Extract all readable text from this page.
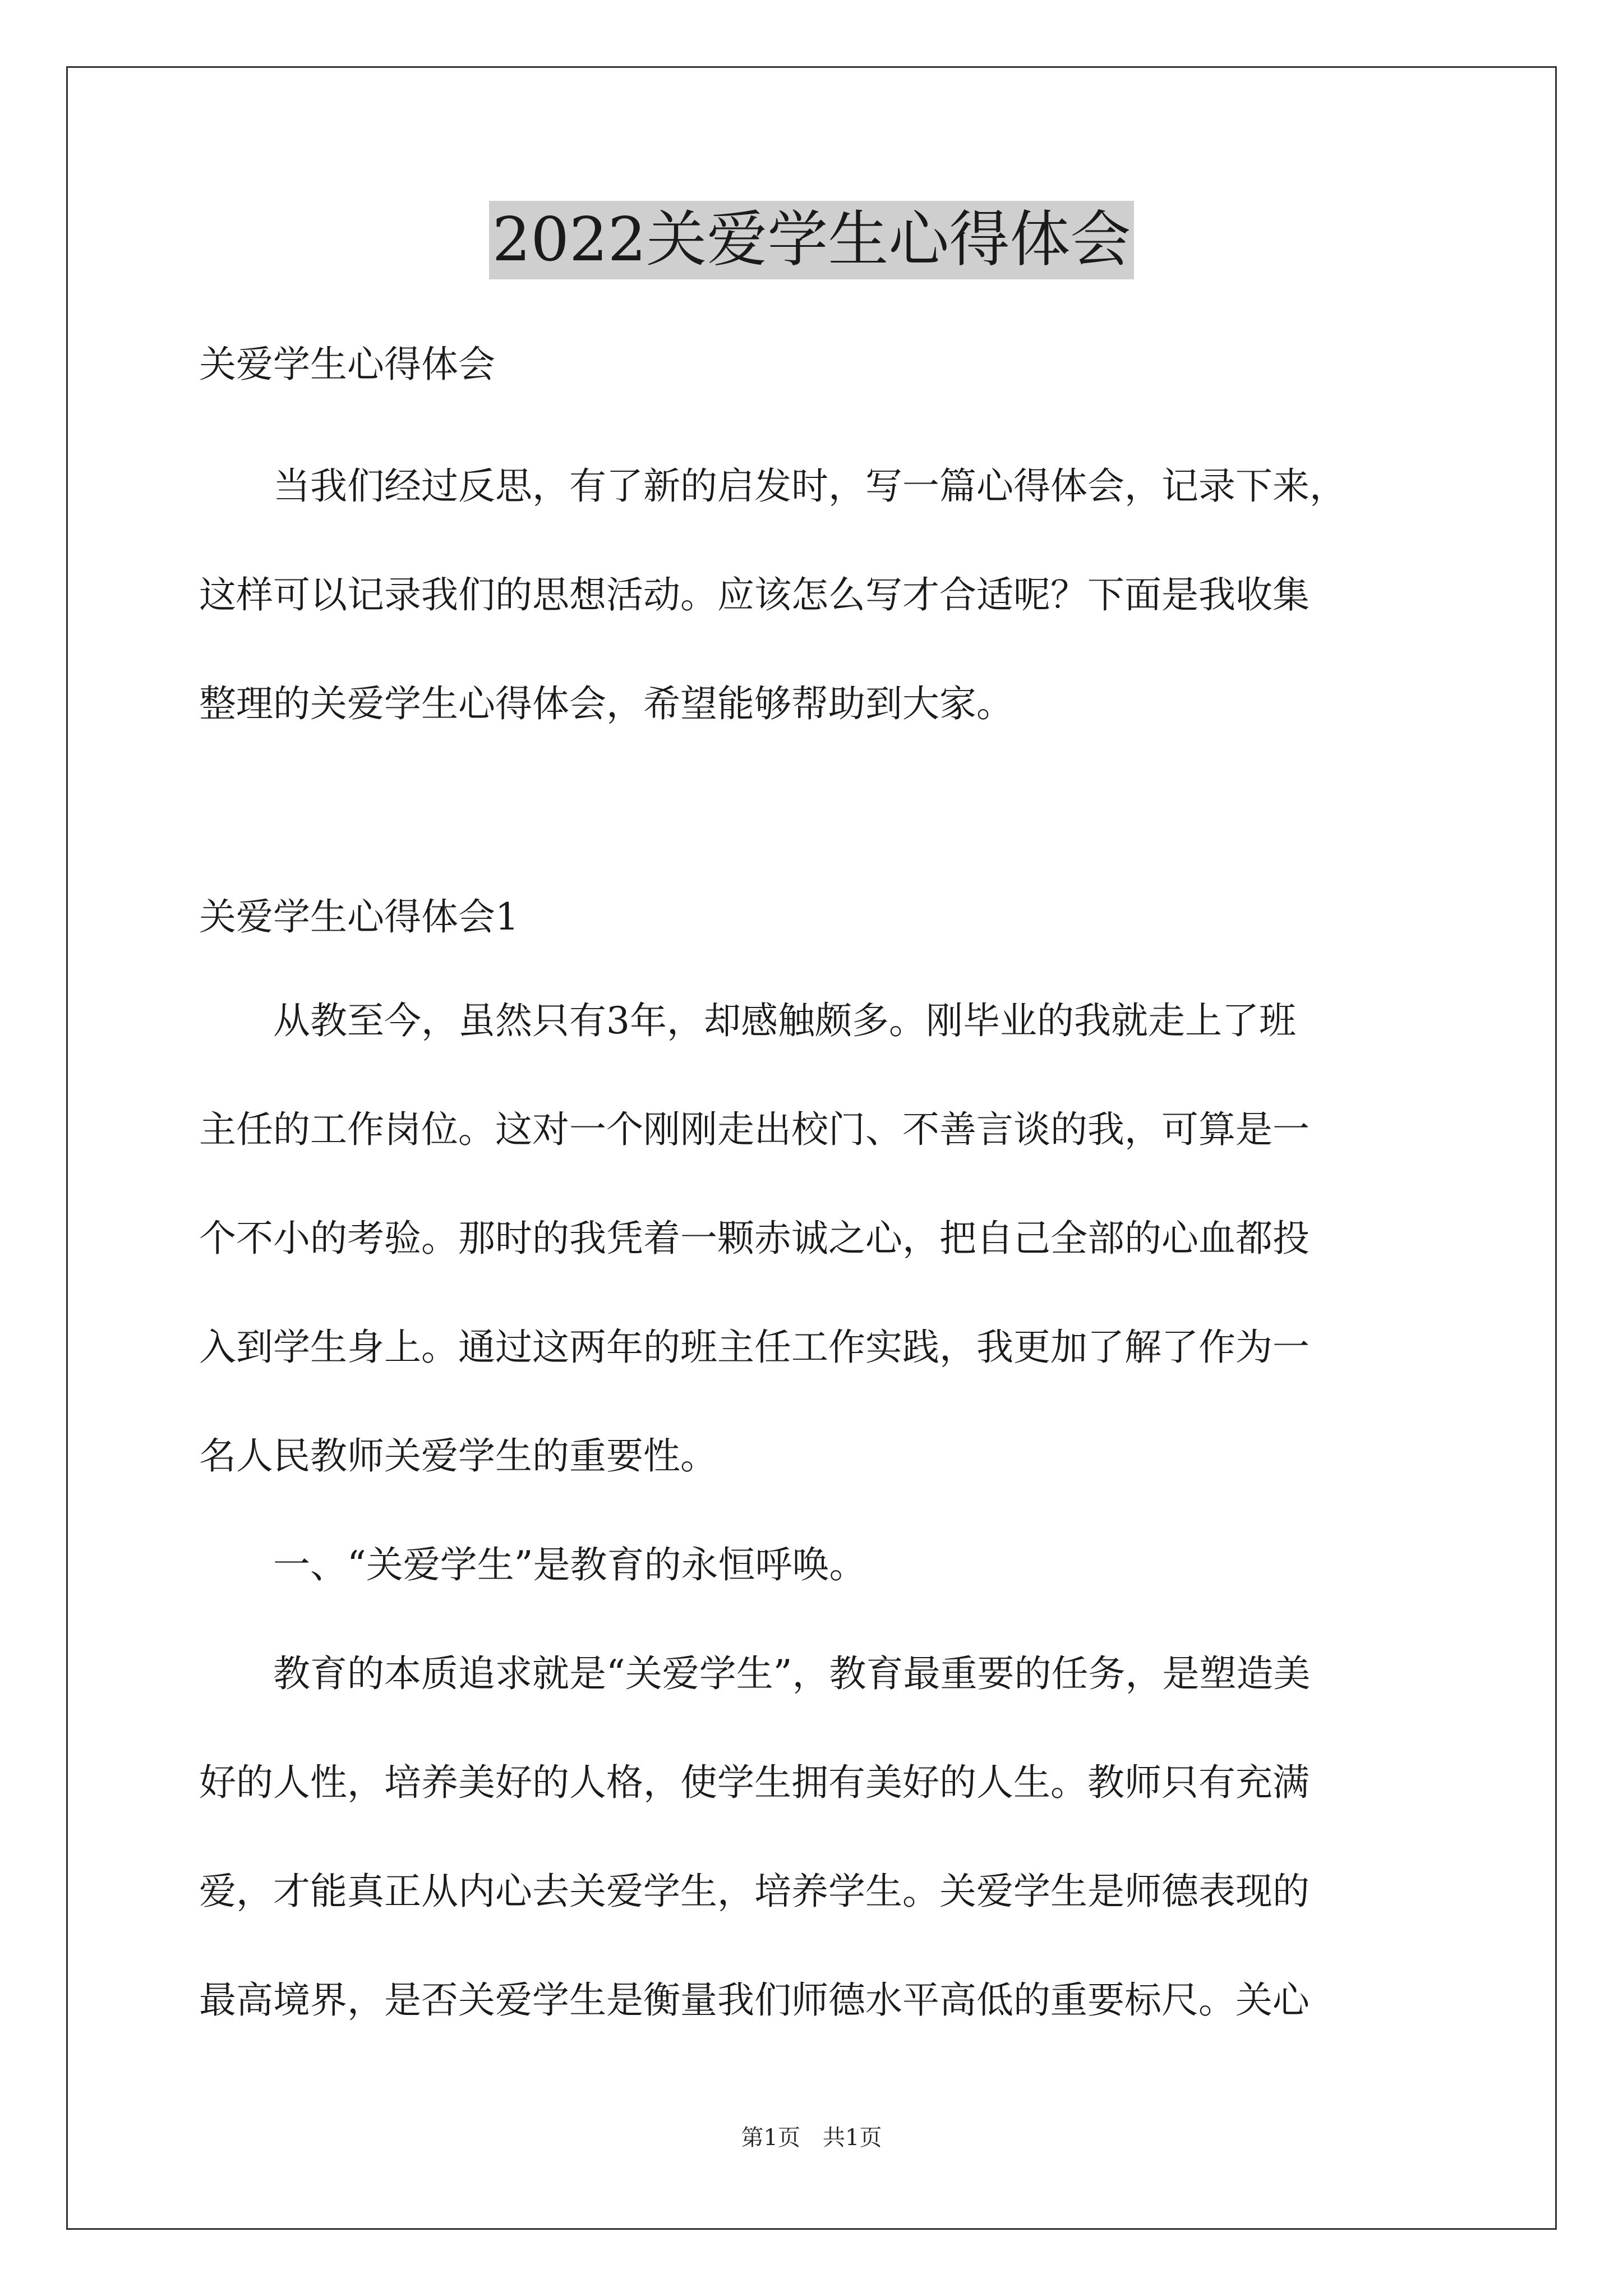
2022关爱学生心得体会
关爱学生心得体会
　　当我们经过反思，有了新的启发时，写一篇心得体会，记录下来，
这样可以记录我们的思想活动。应该怎么写才合适呢？下面是我收集
整理的关爱学生心得体会，希望能够帮助到大家。
关爱学生心得体会1
　　从教至今，虽然只有3年，却感触颇多。刚毕业的我就走上了班
主任的工作岗位。这对一个刚刚走出校门、不善言谈的我，可算是一
个不小的考验。那时的我凭着一颗赤诚之心，把自己全部的心血都投
入到学生身上。通过这两年的班主任工作实践，我更加了解了作为一
名人民教师关爱学生的重要性。
　　一、“关爱学生”是教育的永恒呼唤。
　　教育的本质追求就是“关爱学生”，教育最重要的任务，是塑造美
好的人性，培养美好的人格，使学生拥有美好的人生。教师只有充满
爱，才能真正从内心去关爱学生，培养学生。关爱学生是师德表现的
最高境界，是否关爱学生是衡量我们师德水平高低的重要标尺。关心
第1页　共1页
